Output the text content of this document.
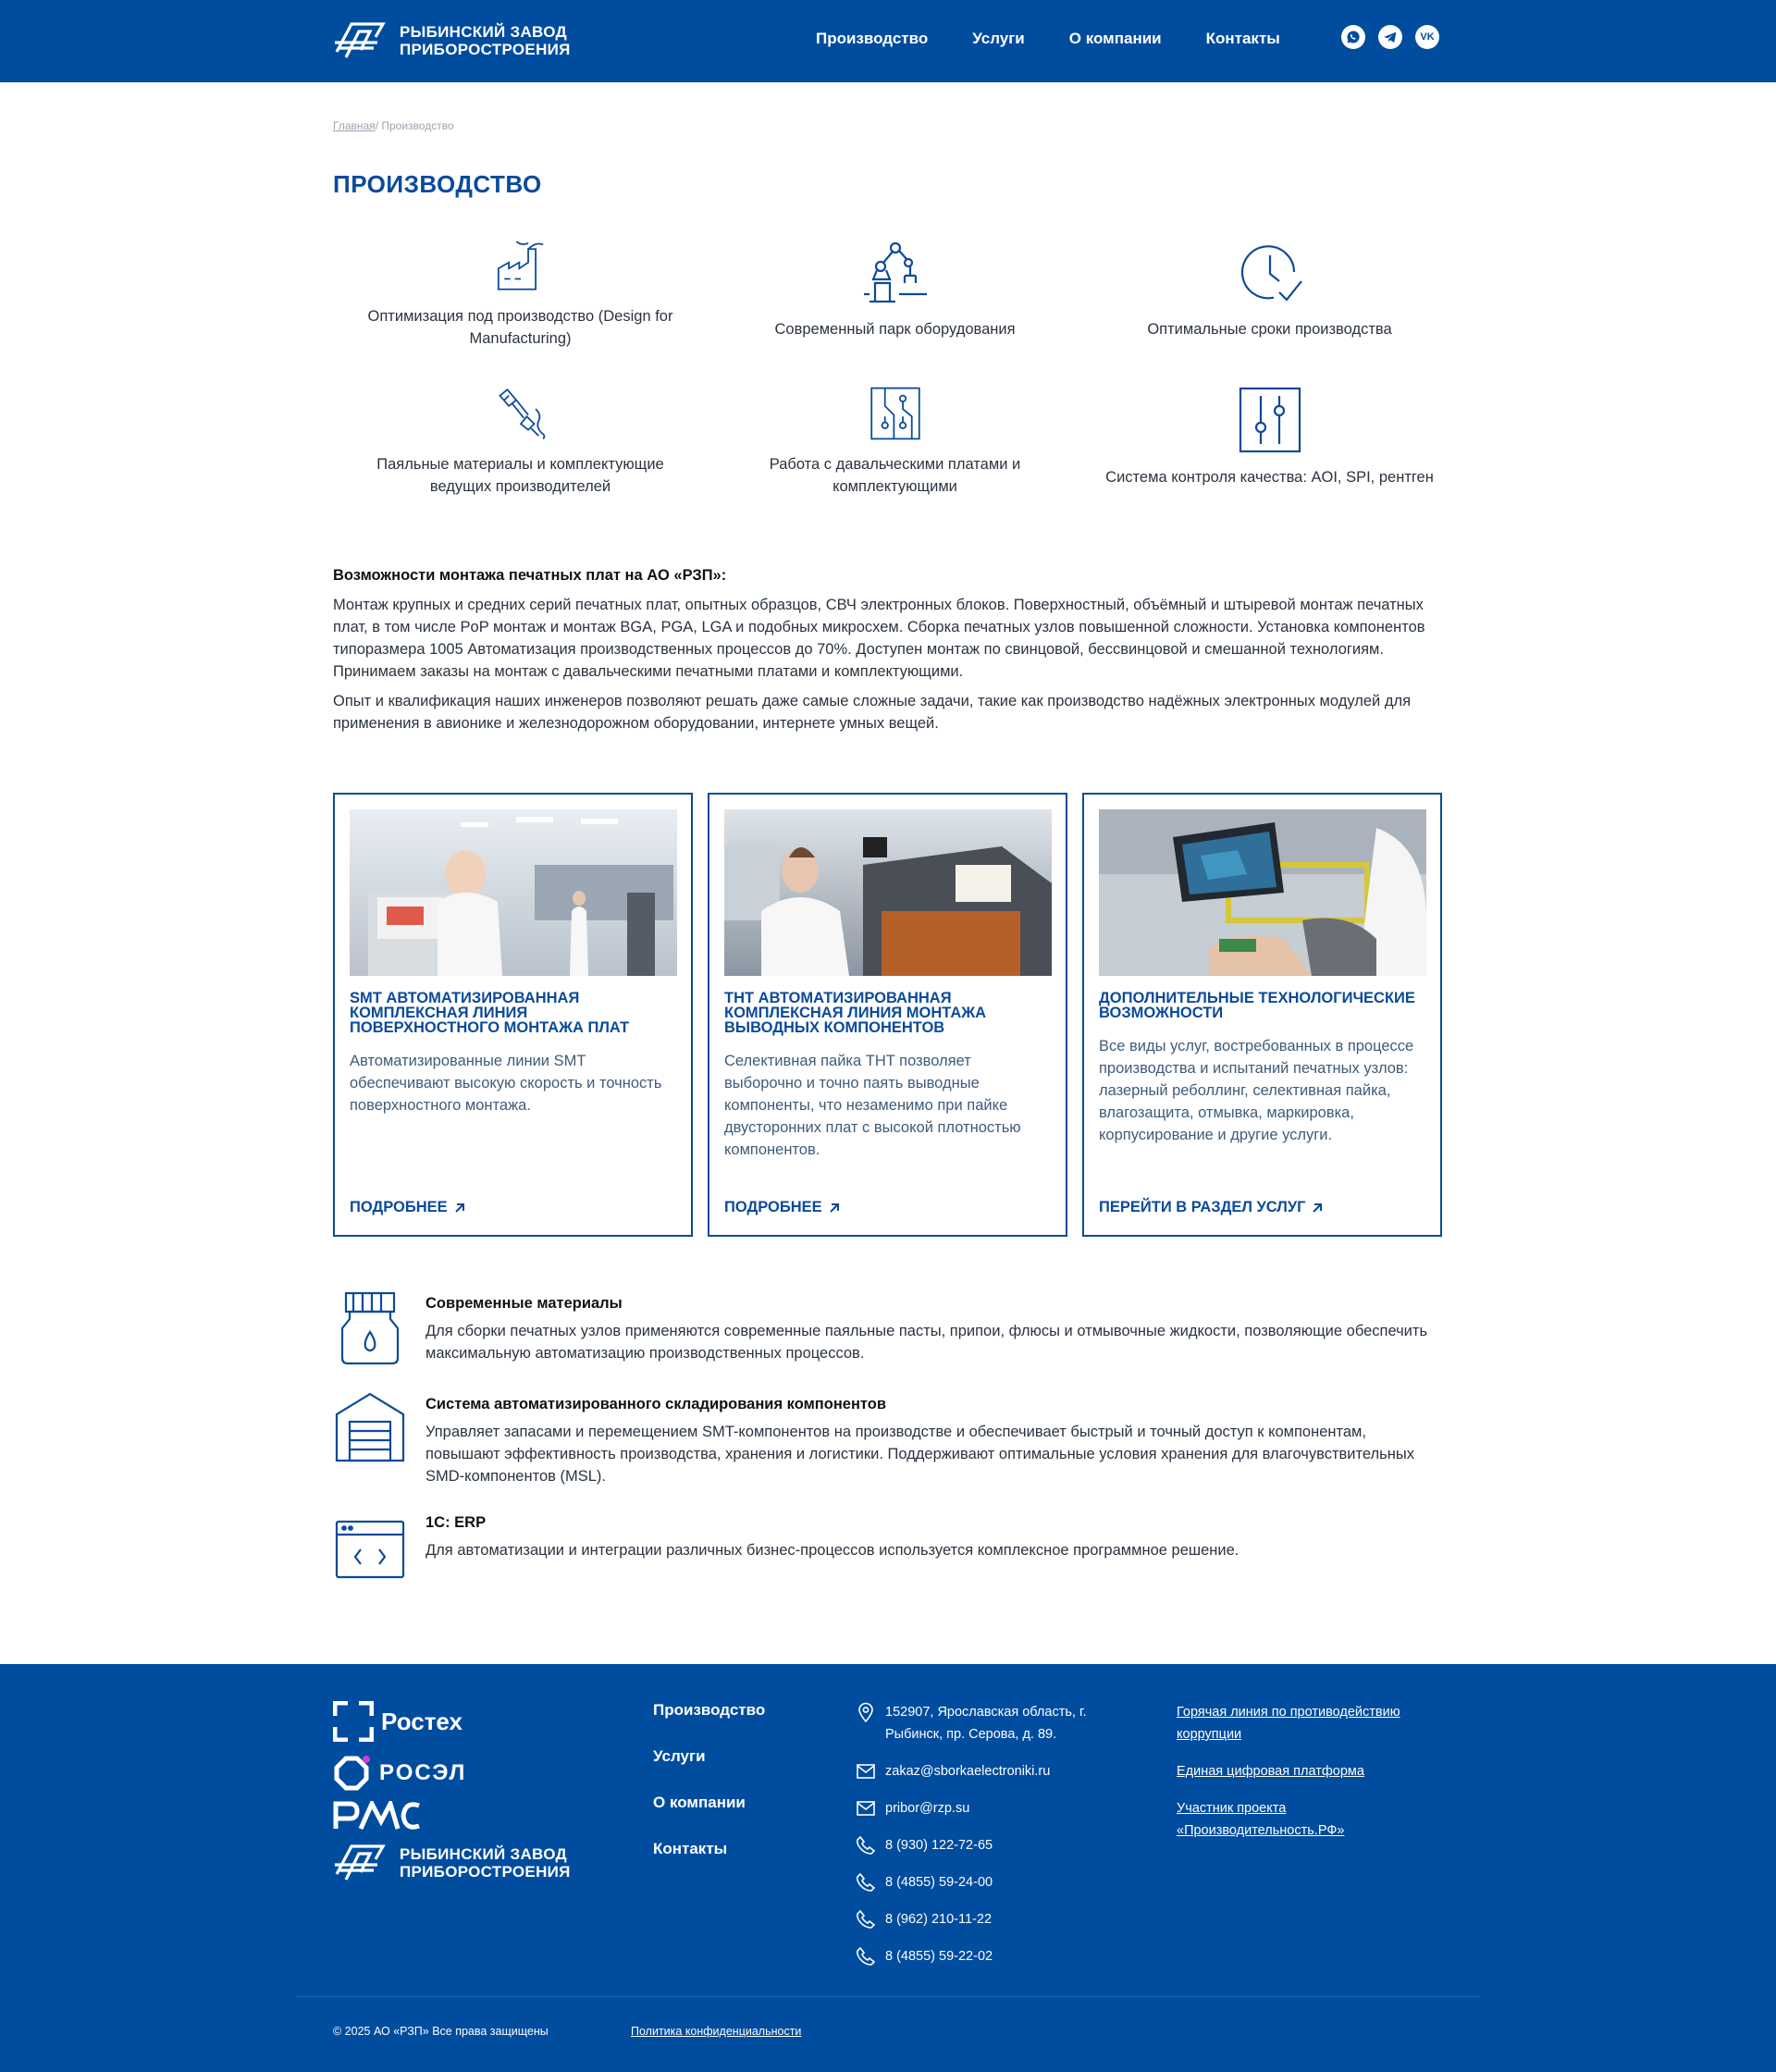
РЫБИНСКИЙ ЗАВОД
ПРИБОРОСТРОЕНИЯ
Производство	Услуги	О компании	Контакты	VK
Главная/ Производство
ПРОИЗВОДСТВО
Оптимизация под производство (Design for Manufacturing)
Современный парк оборудования	Оптимальные сроки производства
Паяльные материалы и комплектующие ведущих производителей
Работа с давальческими платами и комплектующими
Система контроля качества: AOI, SPI, рентген
Возможности монтажа печатных плат на АО «РЗП»:

Монтаж крупных и средних серий печатных плат, опытных образцов, СВЧ электронных блоков. Поверхностный, объёмный и штыревой монтаж печатных плат, в том числе PoP монтаж и монтаж BGA, PGA, LGA и подобных микросхем. Сборка печатных узлов повышенной сложности. Установка компонентов типоразмера 1005 Автоматизация производственных процессов до 70%. Доступен монтаж по свинцовой, бессвинцовой и смешанной технологиям. Принимаем заказы на монтаж с давальческими печатными платами и комплектующими.

Опыт и квалификация наших инженеров позволяют решать даже самые сложные задачи, такие как производство надёжных электронных модулей для применения в авионике и железнодорожном оборудовании, интернете умных вещей.

SMT АВТОМАТИЗИРОВАННАЯ КОМПЛЕКСНАЯ ЛИНИЯ ПОВЕРХНОСТНОГО МОНТАЖА ПЛАТ

Автоматизированные линии SMT обеспечивают высокую скорость и точность поверхностного монтажа.

ПОДРОБНЕЕ
THT АВТОМАТИЗИРОВАННАЯ КОМПЛЕКСНАЯ ЛИНИЯ МОНТАЖА ВЫВОДНЫХ КОМПОНЕНТОВ

Селективная пайка THT позволяет выборочно и точно паять выводные компоненты, что незаменимо при пайке двусторонних плат с высокой плотностью компонентов.

ПОДРОБНЕЕ
ДОПОЛНИТЕЛЬНЫЕ ТЕХНОЛОГИЧЕСКИЕ ВОЗМОЖНОСТИ

Все виды услуг, востребованных в процессе производства и испытаний печатных узлов: лазерный реболлинг, селективная пайка, влагозащита, отмывка, маркировка, корпусирование и другие услуги.

ПЕРЕЙТИ В РАЗДЕЛ УСЛУГ
Современные материалы

Для сборки печатных узлов применяются современные паяльные пасты, припои, флюсы и отмывочные жидкости, позволяющие обеспечить максимальную автоматизацию производственных процессов.

Система автоматизированного складирования компонентов

Управляет запасами и перемещением SMT-компонентов на производстве и обеспечивает быстрый и точный доступ к компонентам, повышают эффективность производства, хранения и логистики. Поддерживают оптимальные условия хранения для влагочувствительных SMD-компонентов (MSL).

1С: ERP

Для автоматизации и интеграции различных бизнес-процессов используется комплексное программное решение.

Ростех
РОСЭЛ
РЫБИНСКИЙ ЗАВОД
ПРИБОРОСТРОЕНИЯ
Производство
Услуги
О компании
Контакты
152907, Ярославская область, г. Рыбинск, пр. Серова, д. 89.
zakaz@sborkaelectroniki.ru
pribor@rzp.su
8 (930) 122-72-65
8 (4855) 59-24-00
8 (962) 210-11-22
8 (4855) 59-22-02
Горячая линия по противодействию коррупции
Единая цифровая платформа
Участник проекта «Производительность.РФ»
© 2025 АО «РЗП» Все права защищены	Политика конфиденциальности
